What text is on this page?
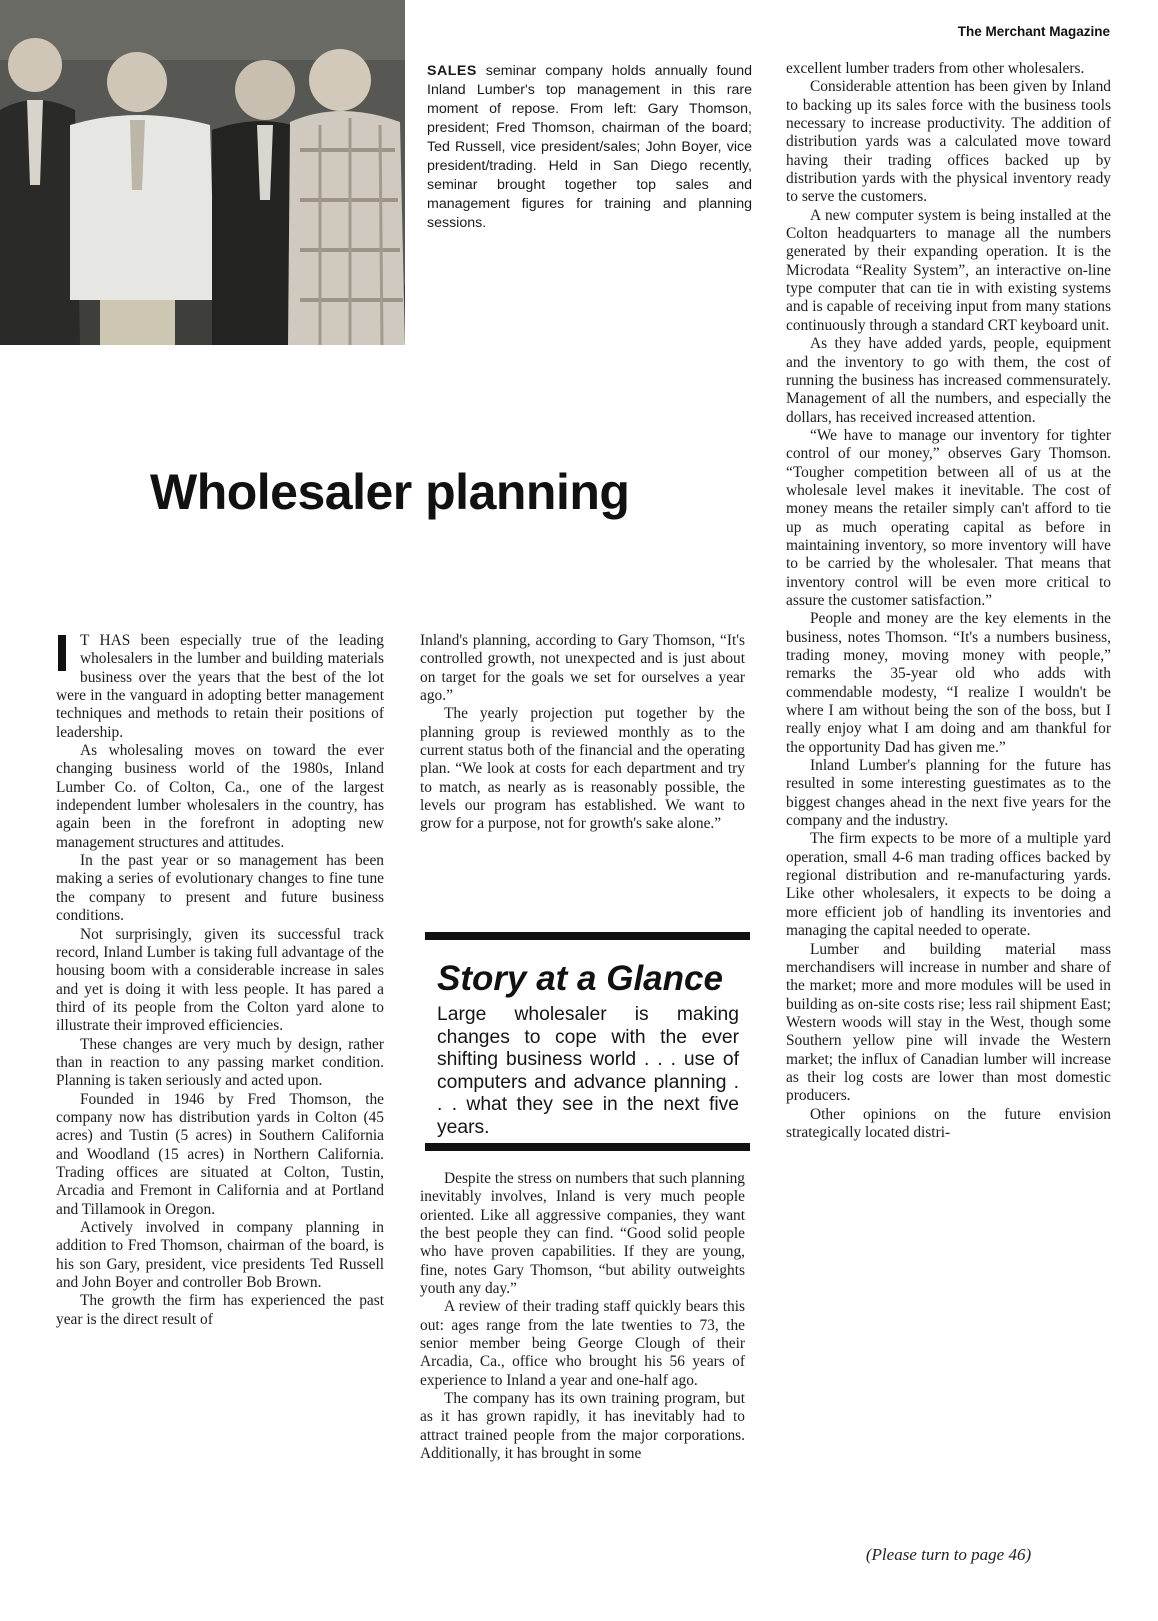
The Merchant Magazine
SALES seminar company holds annually found Inland Lumber's top management in this rare moment of repose. From left: Gary Thomson, president; Fred Thomson, chairman of the board; Ted Russell, vice president/sales; John Boyer, vice president/trading. Held in San Diego recently, seminar brought together top sales and management figures for training and planning sessions.
Wholesaler planning

T HAS been especially true of the leading wholesalers in the lumber and building materials business over the years that the best of the lot were in the vanguard in adopting better management techniques and methods to retain their positions of leadership.

As wholesaling moves on toward the ever changing business world of the 1980s, Inland Lumber Co. of Colton, Ca., one of the largest independent lumber wholesalers in the country, has again been in the forefront in adopting new management structures and attitudes.

In the past year or so management has been making a series of evolutionary changes to fine tune the company to present and future business conditions.

Not surprisingly, given its successful track record, Inland Lumber is taking full advantage of the housing boom with a considerable increase in sales and yet is doing it with less people. It has pared a third of its people from the Colton yard alone to illustrate their improved efficiencies.

These changes are very much by design, rather than in reaction to any passing market condition. Planning is taken seriously and acted upon.

Founded in 1946 by Fred Thomson, the company now has distribution yards in Colton (45 acres) and Tustin (5 acres) in Southern California and Woodland (15 acres) in Northern California. Trading offices are situated at Colton, Tustin, Arcadia and Fremont in California and at Portland and Tillamook in Oregon.

Actively involved in company planning in addition to Fred Thomson, chairman of the board, is his son Gary, president, vice presidents Ted Russell and John Boyer and controller Bob Brown.

The growth the firm has experienced the past year is the direct result of

Inland's planning, according to Gary Thomson, “It's controlled growth, not unexpected and is just about on target for the goals we set for ourselves a year ago.”

The yearly projection put together by the planning group is reviewed monthly as to the current status both of the financial and the operating plan. “We look at costs for each department and try to match, as nearly as is reasonably possible, the levels our program has established. We want to grow for a purpose, not for growth's sake alone.”

Story at a Glance
Large wholesaler is making changes to cope with the ever shifting business world . . . use of computers and advance planning . . . what they see in the next five years.

Despite the stress on numbers that such planning inevitably involves, Inland is very much people oriented. Like all aggressive companies, they want the best people they can find. “Good solid people who have proven capabilities. If they are young, fine, notes Gary Thomson, “but ability outweights youth any day.”

A review of their trading staff quickly bears this out: ages range from the late twenties to 73, the senior member being George Clough of their Arcadia, Ca., office who brought his 56 years of experience to Inland a year and one-half ago.

The company has its own training program, but as it has grown rapidly, it has inevitably had to attract trained people from the major corporations. Additionally, it has brought in some

excellent lumber traders from other wholesalers.

Considerable attention has been given by Inland to backing up its sales force with the business tools necessary to increase productivity. The addition of distribution yards was a calculated move toward having their trading offices backed up by distribution yards with the physical inventory ready to serve the customers.

A new computer system is being installed at the Colton headquarters to manage all the numbers generated by their expanding operation. It is the Microdata “Reality System”, an interactive on-line type computer that can tie in with existing systems and is capable of receiving input from many stations continuously through a standard CRT keyboard unit.

As they have added yards, people, equipment and the inventory to go with them, the cost of running the business has increased commensurately. Management of all the numbers, and especially the dollars, has received increased attention.

“We have to manage our inventory for tighter control of our money,” observes Gary Thomson. “Tougher competition between all of us at the wholesale level makes it inevitable. The cost of money means the retailer simply can't afford to tie up as much operating capital as before in maintaining inventory, so more inventory will have to be carried by the wholesaler. That means that inventory control will be even more critical to assure the customer satisfaction.”

People and money are the key elements in the business, notes Thomson. “It's a numbers business, trading money, moving money with people,” remarks the 35-year old who adds with commendable modesty, “I realize I wouldn't be where I am without being the son of the boss, but I really enjoy what I am doing and am thankful for the opportunity Dad has given me.”

Inland Lumber's planning for the future has resulted in some interesting guestimates as to the biggest changes ahead in the next five years for the company and the industry.

The firm expects to be more of a multiple yard operation, small 4-6 man trading offices backed by regional distribution and re-manufacturing yards. Like other wholesalers, it expects to be doing a more efficient job of handling its inventories and managing the capital needed to operate.

Lumber and building material mass merchandisers will increase in number and share of the market; more and more modules will be used in building as on-site costs rise; less rail shipment East; Western woods will stay in the West, though some Southern yellow pine will invade the Western market; the influx of Canadian lumber will increase as their log costs are lower than most domestic producers.

Other opinions on the future envision strategically located distri-

(Please turn to page 46)
